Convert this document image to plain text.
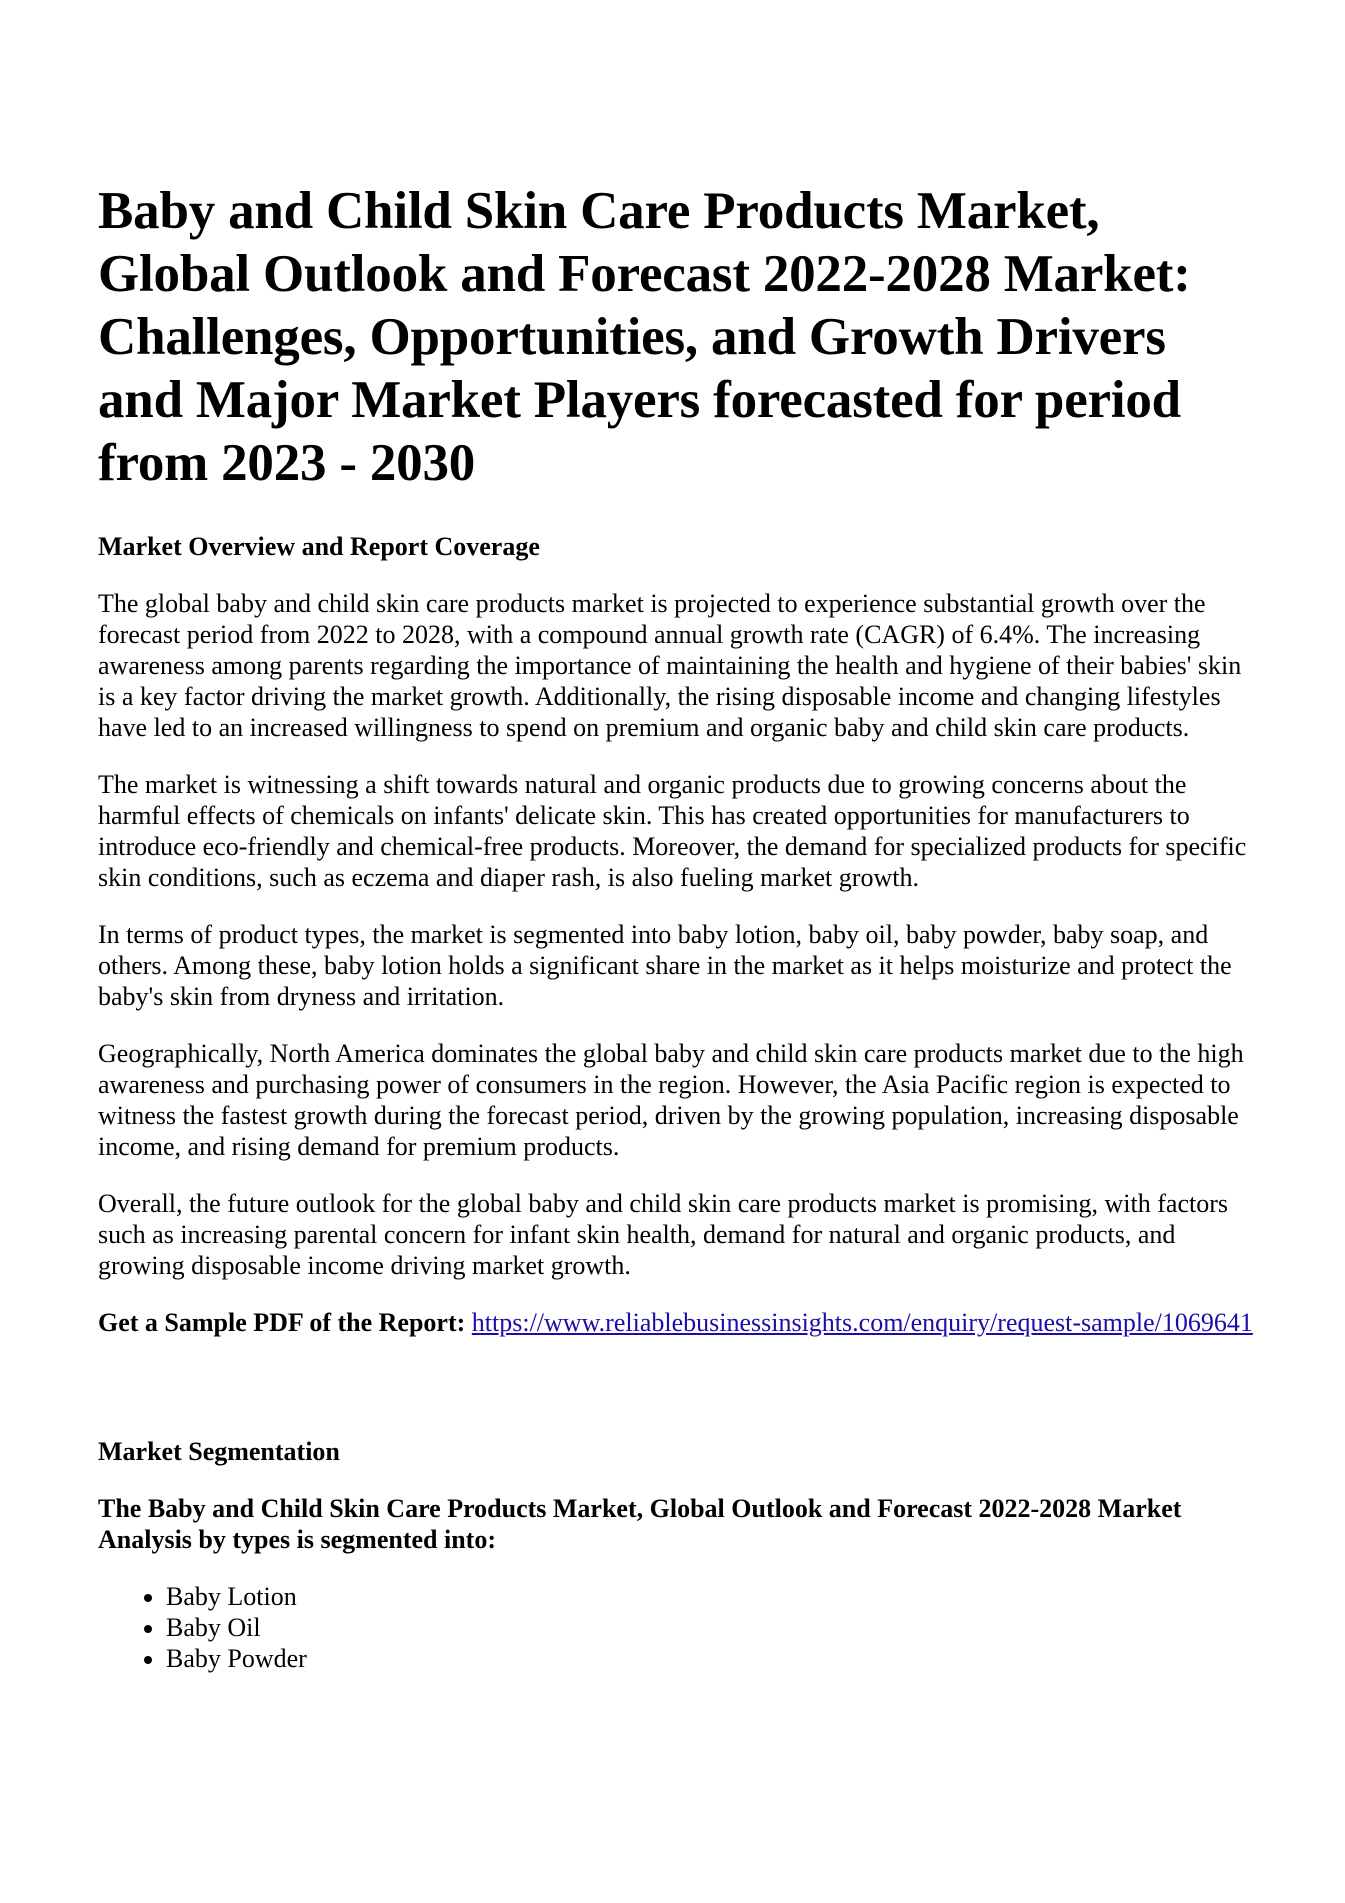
Baby and Child Skin Care Products Market, Global Outlook and Forecast 2022-2028 Market: Challenges, Opportunities, and Growth Drivers and Major Market Players forecasted for period from 2023 - 2030
Market Overview and Report Coverage

The global baby and child skin care products market is projected to experience substantial growth over the forecast period from 2022 to 2028, with a compound annual growth rate (CAGR) of 6.4%. The increasing awareness among parents regarding the importance of maintaining the health and hygiene of their babies' skin is a key factor driving the market growth. Additionally, the rising disposable income and changing lifestyles have led to an increased willingness to spend on premium and organic baby and child skin care products.

The market is witnessing a shift towards natural and organic products due to growing concerns about the harmful effects of chemicals on infants' delicate skin. This has created opportunities for manufacturers to introduce eco-friendly and chemical-free products. Moreover, the demand for specialized products for specific skin conditions, such as eczema and diaper rash, is also fueling market growth.

In terms of product types, the market is segmented into baby lotion, baby oil, baby powder, baby soap, and others. Among these, baby lotion holds a significant share in the market as it helps moisturize and protect the baby's skin from dryness and irritation.

Geographically, North America dominates the global baby and child skin care products market due to the high awareness and purchasing power of consumers in the region. However, the Asia Pacific region is expected to witness the fastest growth during the forecast period, driven by the growing population, increasing disposable income, and rising demand for premium products.

Overall, the future outlook for the global baby and child skin care products market is promising, with factors such as increasing parental concern for infant skin health, demand for natural and organic products, and growing disposable income driving market growth.

Get a Sample PDF of the Report: https://www.reliablebusinessinsights.com/enquiry/request-sample/1069641

Market Segmentation
The Baby and Child Skin Care Products Market, Global Outlook and Forecast 2022-2028 Market Analysis by types is segmented into:
• Baby Lotion
• Baby Oil
• Baby Powder
